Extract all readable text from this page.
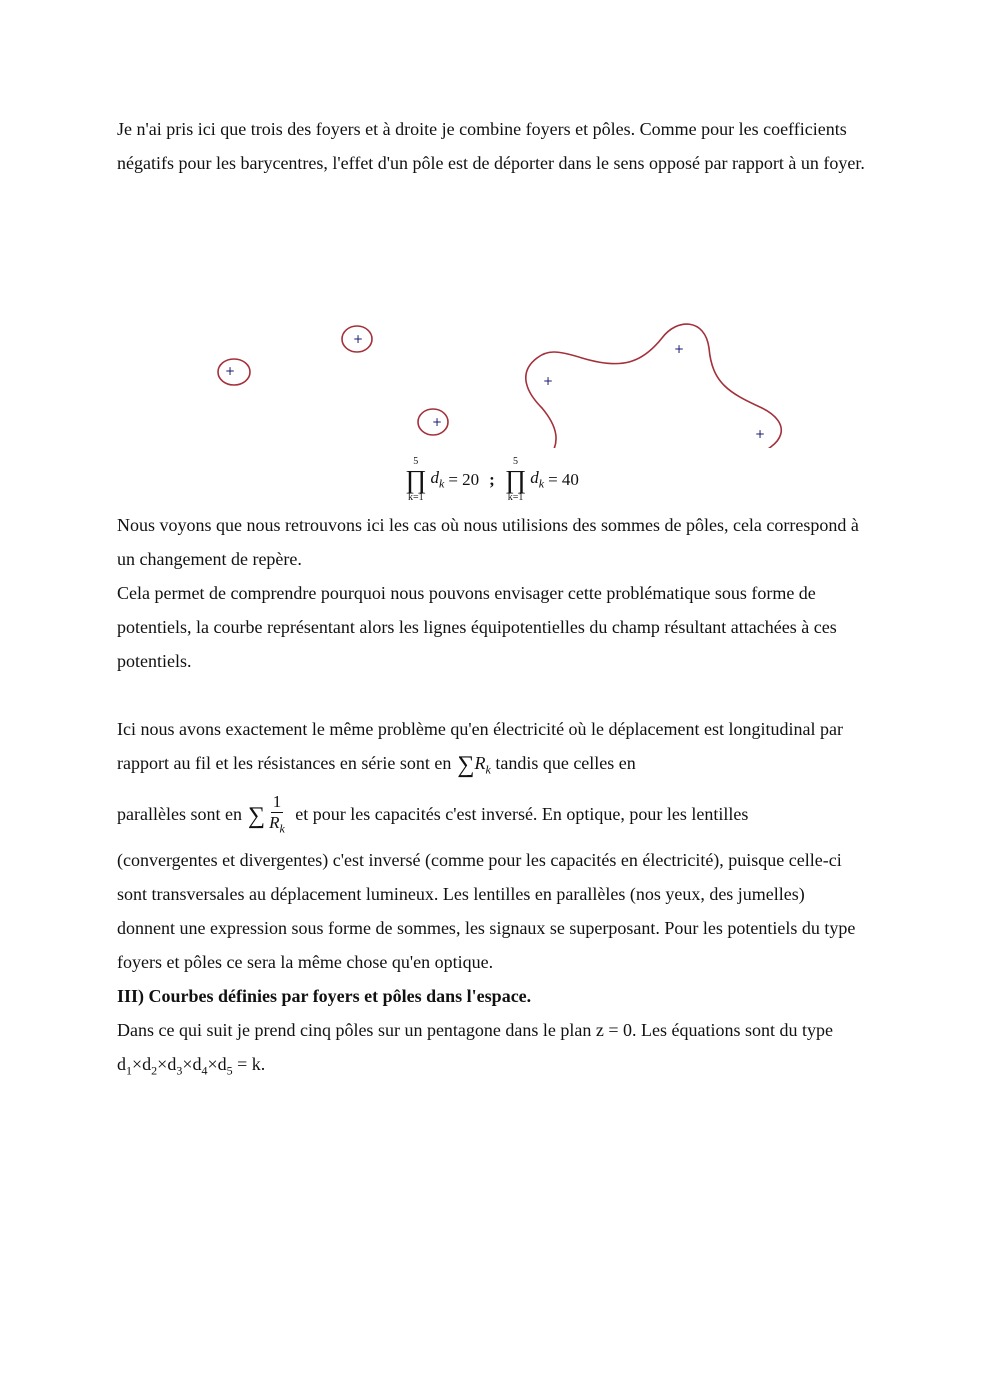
Je n'ai pris ici que trois des foyers et à droite je combine foyers et pôles. Comme pour les coefficients négatifs pour les barycentres, l'effet d'un pôle est de déporter dans le sens opposé par rapport à un foyer.

+
+
+
+
+
+
5
∏
k=1
$d_k = 20$ ;
5
∏
k=1
$d_k = 40$

Nous voyons que nous retrouvons ici les cas où nous utilisions des sommes de pôles, cela correspond à un changement de repère.

Cela permet de comprendre pourquoi nous pouvons envisager cette problématique sous forme de potentiels, la courbe représentant alors les lignes équipotentielles du champ résultant attachées à ces potentiels.

Ici nous avons exactement le même problème qu'en électricité où le déplacement est longitudinal par rapport au fil et les résistances en série sont en $\sum R_k$ tandis que celles en

parallèles sont en ∑ $\frac{1}{R_k}$ et pour les capacités c'est inversé. En optique, pour les lentilles

(convergentes et divergentes) c'est inversé (comme pour les capacités en électricité), puisque celle-ci sont transversales au déplacement lumineux. Les lentilles en parallèles (nos yeux, des jumelles) donnent une expression sous forme de sommes, les signaux se superposant. Pour les potentiels du type foyers et pôles ce sera la même chose qu'en optique.

III) Courbes définies par foyers et pôles dans l'espace.

Dans ce qui suit je prend cinq pôles sur un pentagone dans le plan z = 0. Les équations sont du type $d_1\times d_2\times d_3\times d_4\times d_5 = k$.
